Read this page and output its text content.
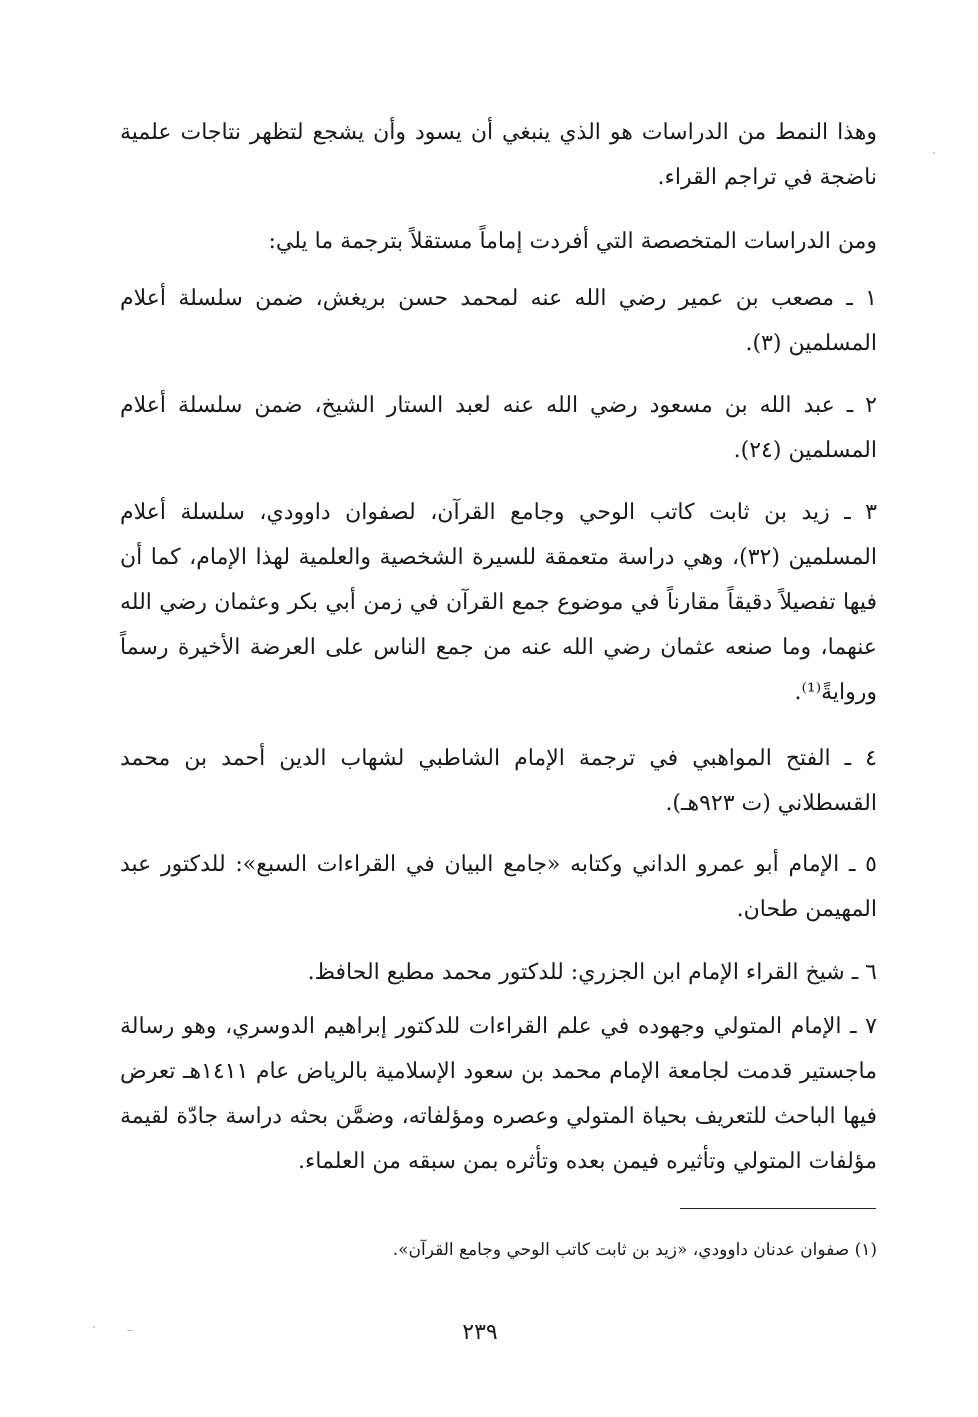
وهذا النمط من الدراسات هو الذي ينبغي أن يسود وأن يشجع لتظهر نتاجات علمية ناضجة في تراجم القراء.

ومن الدراسات المتخصصة التي أفردت إماماً مستقلاً بترجمة ما يلي:

١ ـ مصعب بن عمير رضي الله عنه لمحمد حسن بريغش، ضمن سلسلة أعلام المسلمين (٣).

٢ ـ عبد الله بن مسعود رضي الله عنه لعبد الستار الشيخ، ضمن سلسلة أعلام المسلمين (٢٤).

٣ ـ زيد بن ثابت كاتب الوحي وجامع القرآن، لصفوان داوودي، سلسلة أعلام المسلمين (٣٢)، وهي دراسة متعمقة للسيرة الشخصية والعلمية لهذا الإمام، كما أن فيها تفصيلاً دقيقاً مقارناً في موضوع جمع القرآن في زمن أبي بكر وعثمان رضي الله عنهما، وما صنعه عثمان رضي الله عنه من جمع الناس على العرضة الأخيرة رسماً وروايةً⁽¹⁾.

٤ ـ الفتح المواهبي في ترجمة الإمام الشاطبي لشهاب الدين أحمد بن محمد القسطلاني (ت ٩٢٣هـ).

٥ ـ الإمام أبو عمرو الداني وكتابه «جامع البيان في القراءات السبع»: للدكتور عبد المهيمن طحان.

٦ ـ شيخ القراء الإمام ابن الجزري: للدكتور محمد مطيع الحافظ.

٧ ـ الإمام المتولي وجهوده في علم القراءات للدكتور إبراهيم الدوسري، وهو رسالة ماجستير قدمت لجامعة الإمام محمد بن سعود الإسلامية بالرياض عام ١٤١١هـ تعرض فيها الباحث للتعريف بحياة المتولي وعصره ومؤلفاته، وضمَّن بحثه دراسة جادّة لقيمة مؤلفات المتولي وتأثيره فيمن بعده وتأثره بمن سبقه من العلماء.

(١) صفوان عدنان داوودي، «زيد بن ثابت كاتب الوحي وجامع القرآن».

٢٣٩
